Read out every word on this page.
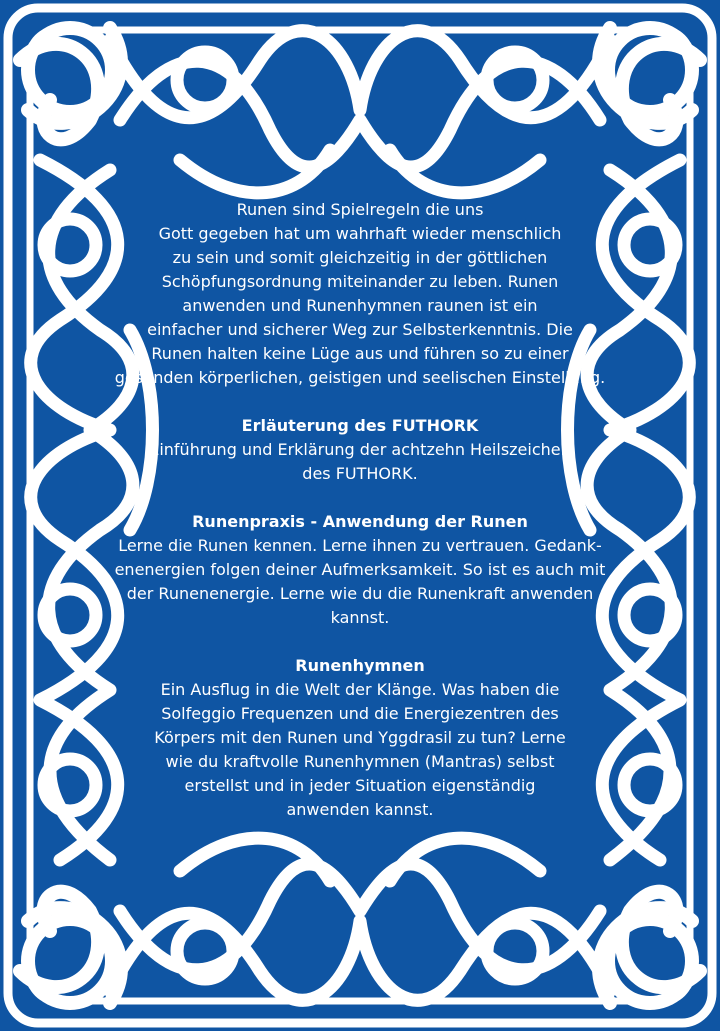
Runen sind Spielregeln die uns
Gott gegeben hat um wahrhaft wieder menschlich
zu sein und somit gleichzeitig in der göttlichen
Schöpfungsordnung miteinander zu leben. Runen
anwenden und Runenhymnen raunen ist ein
einfacher und sicherer Weg zur Selbsterkenntnis. Die
Runen halten keine Lüge aus und führen so zu einer
gesunden körperlichen, geistigen und seelischen Einstellung.
Erläuterung des FUTHORK
Einführung und Erklärung der achtzehn Heilszeichen
des FUTHORK.
Runenpraxis - Anwendung der Runen
Lerne die Runen kennen. Lerne ihnen zu vertrauen. Gedank-
enenergien folgen deiner Aufmerksamkeit. So ist es auch mit
der Runenenergie. Lerne wie du die Runenkraft anwenden
kannst.
Runenhymnen
Ein Ausflug in die Welt der Klänge. Was haben die
Solfeggio Frequenzen und die Energiezentren des
Körpers mit den Runen und Yggdrasil zu tun? Lerne
wie du kraftvolle Runenhymnen (Mantras) selbst
erstellst und in jeder Situation eigenständig
anwenden kannst.
